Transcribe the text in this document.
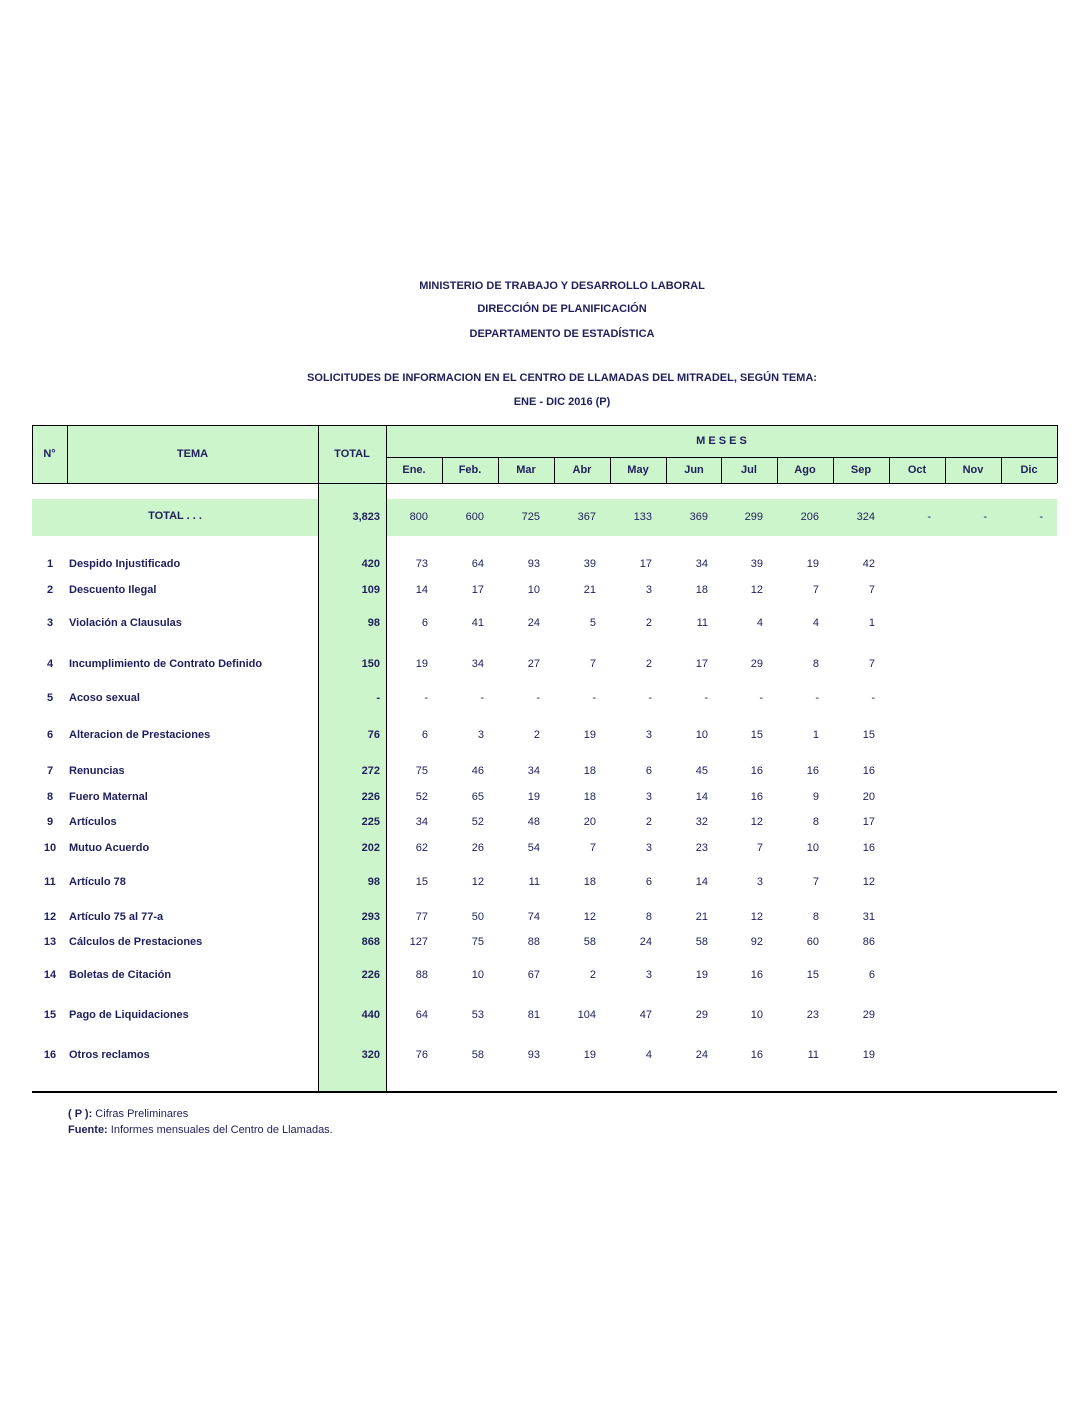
MINISTERIO DE TRABAJO Y DESARROLLO LABORAL
DIRECCIÓN DE PLANIFICACIÓN
DEPARTAMENTO DE ESTADÍSTICA
SOLICITUDES DE INFORMACION EN EL CENTRO DE LLAMADAS DEL MITRADEL, SEGÚN TEMA:
ENE - DIC 2016 (P)
N°	TEMA	TOTAL
M E S E S
Ene.	Feb.	Mar	Abr	May	Jun	Jul	Ago	Sep	Oct	Nov	Dic
TOTAL . . .	3,823	800	600	725	367	133	369	299	206	324	-	-	-
1	Despido Injustificado	420	73	64	93	39	17	34	39	19	42
2	Descuento Ilegal	109	14	17	10	21	3	18	12	7	7
3	Violación a Clausulas	98	6	41	24	5	2	11	4	4	1
4	Incumplimiento de Contrato Definido	150	19	34	27	7	2	17	29	8	7
5	Acoso sexual	-	-	-	-	-	-	-	-	-	-
6	Alteracion de Prestaciones	76	6	3	2	19	3	10	15	1	15
7	Renuncias	272	75	46	34	18	6	45	16	16	16
8	Fuero Maternal	226	52	65	19	18	3	14	16	9	20
9	Artículos	225	34	52	48	20	2	32	12	8	17
10	Mutuo Acuerdo	202	62	26	54	7	3	23	7	10	16
11	Artículo 78	98	15	12	11	18	6	14	3	7	12
12	Artículo 75 al 77-a	293	77	50	74	12	8	21	12	8	31
13	Cálculos de Prestaciones	868	127	75	88	58	24	58	92	60	86
14	Boletas de Citación	226	88	10	67	2	3	19	16	15	6
15	Pago de Liquidaciones	440	64	53	81	104	47	29	10	23	29
16	Otros reclamos	320	76	58	93	19	4	24	16	11	19
( P ): Cifras Preliminares
Fuente: Informes mensuales del Centro de Llamadas.
